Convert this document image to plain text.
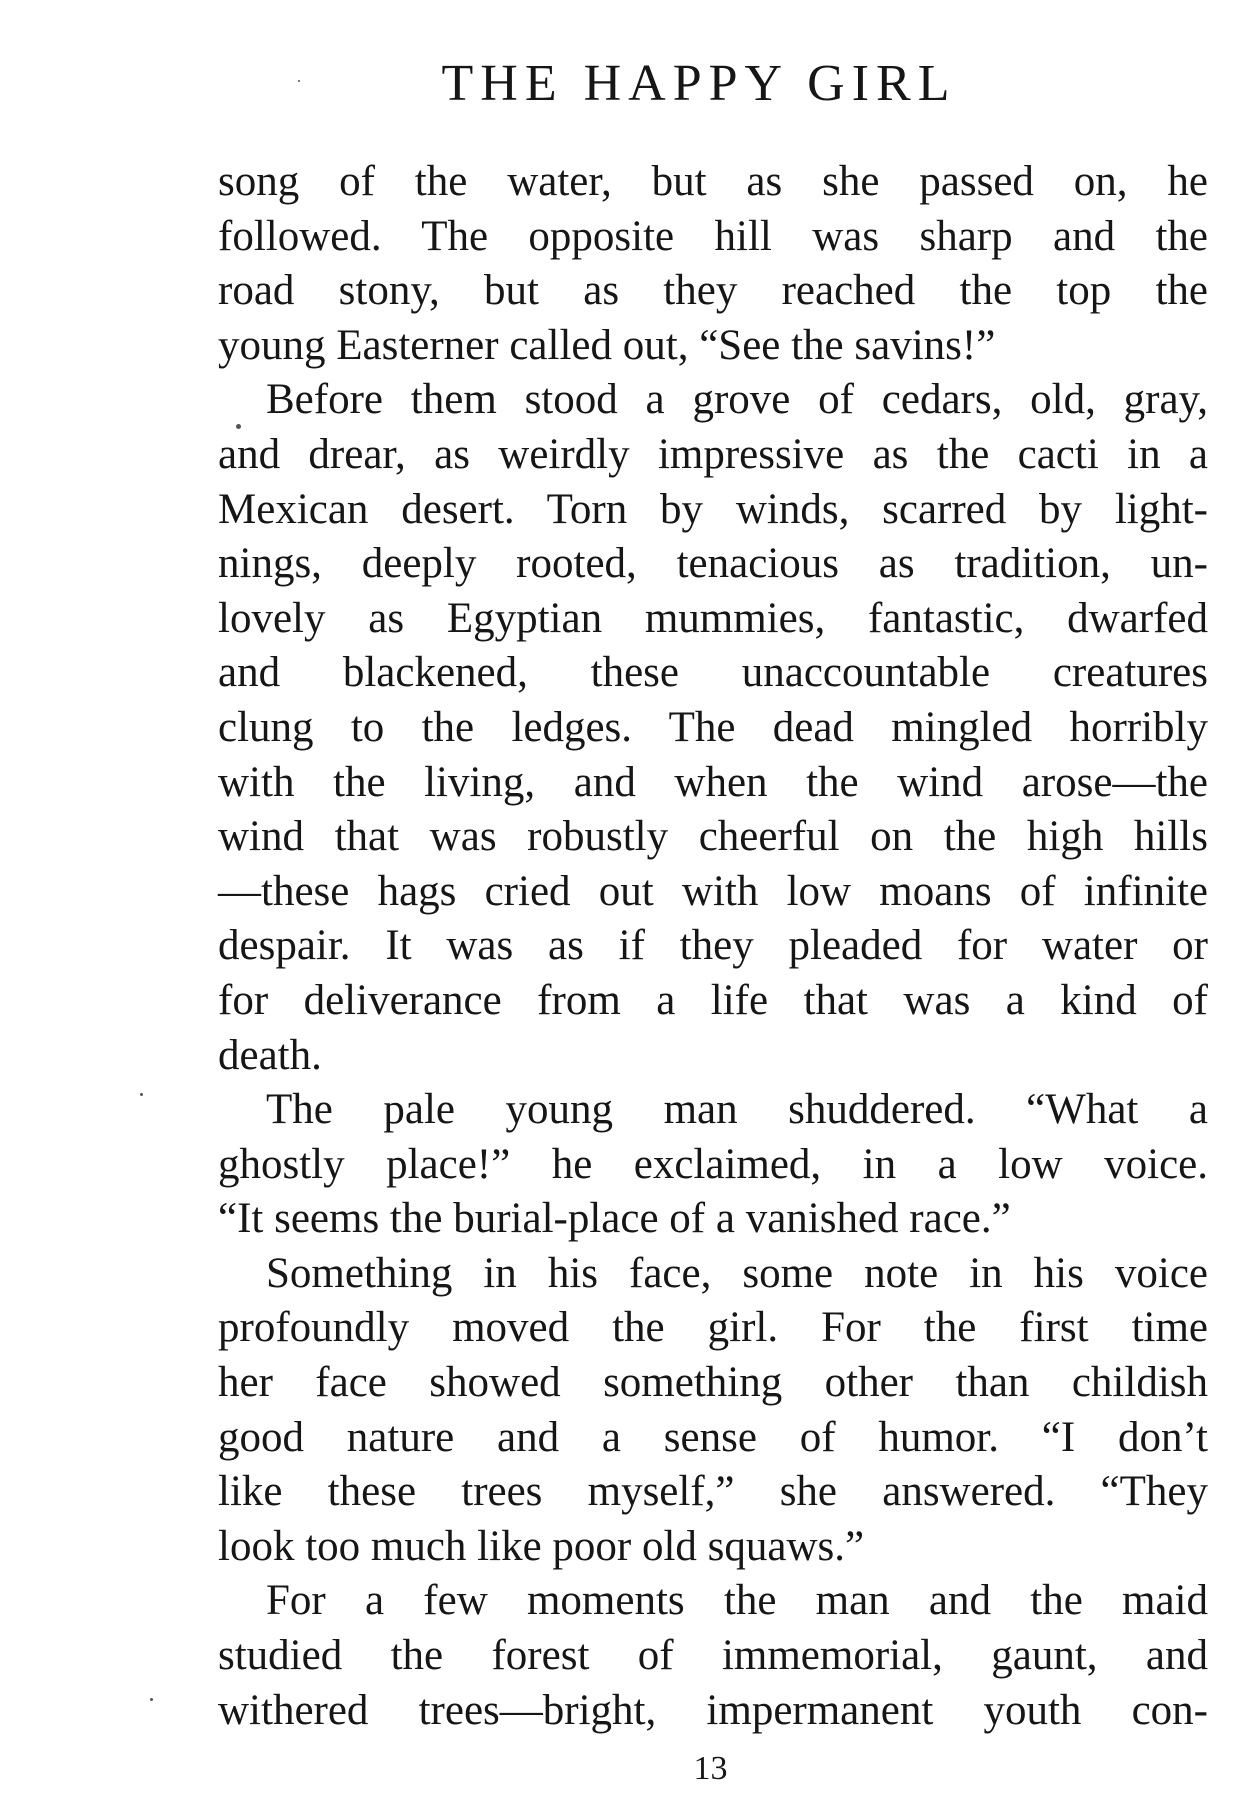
THE HAPPY GIRL
song of the water, but as she passed on, he
followed. The opposite hill was sharp and the
road stony, but as they reached the top the
young Easterner called out, “See the savins!”
Before them stood a grove of cedars, old, gray,
and drear, as weirdly impressive as the cacti in a
Mexican desert. Torn by winds, scarred by light-
nings, deeply rooted, tenacious as tradition, un-
lovely as Egyptian mummies, fantastic, dwarfed
and blackened, these unaccountable creatures
clung to the ledges. The dead mingled horribly
with the living, and when the wind arose—the
wind that was robustly cheerful on the high hills
—these hags cried out with low moans of infinite
despair. It was as if they pleaded for water or
for deliverance from a life that was a kind of
death.
The pale young man shuddered. “What a
ghostly place!” he exclaimed, in a low voice.
“It seems the burial-place of a vanished race.”
Something in his face, some note in his voice
profoundly moved the girl. For the first time
her face showed something other than childish
good nature and a sense of humor. “I don’t
like these trees myself,” she answered. “They
look too much like poor old squaws.”
For a few moments the man and the maid
studied the forest of immemorial, gaunt, and
withered trees—bright, impermanent youth con-
13
